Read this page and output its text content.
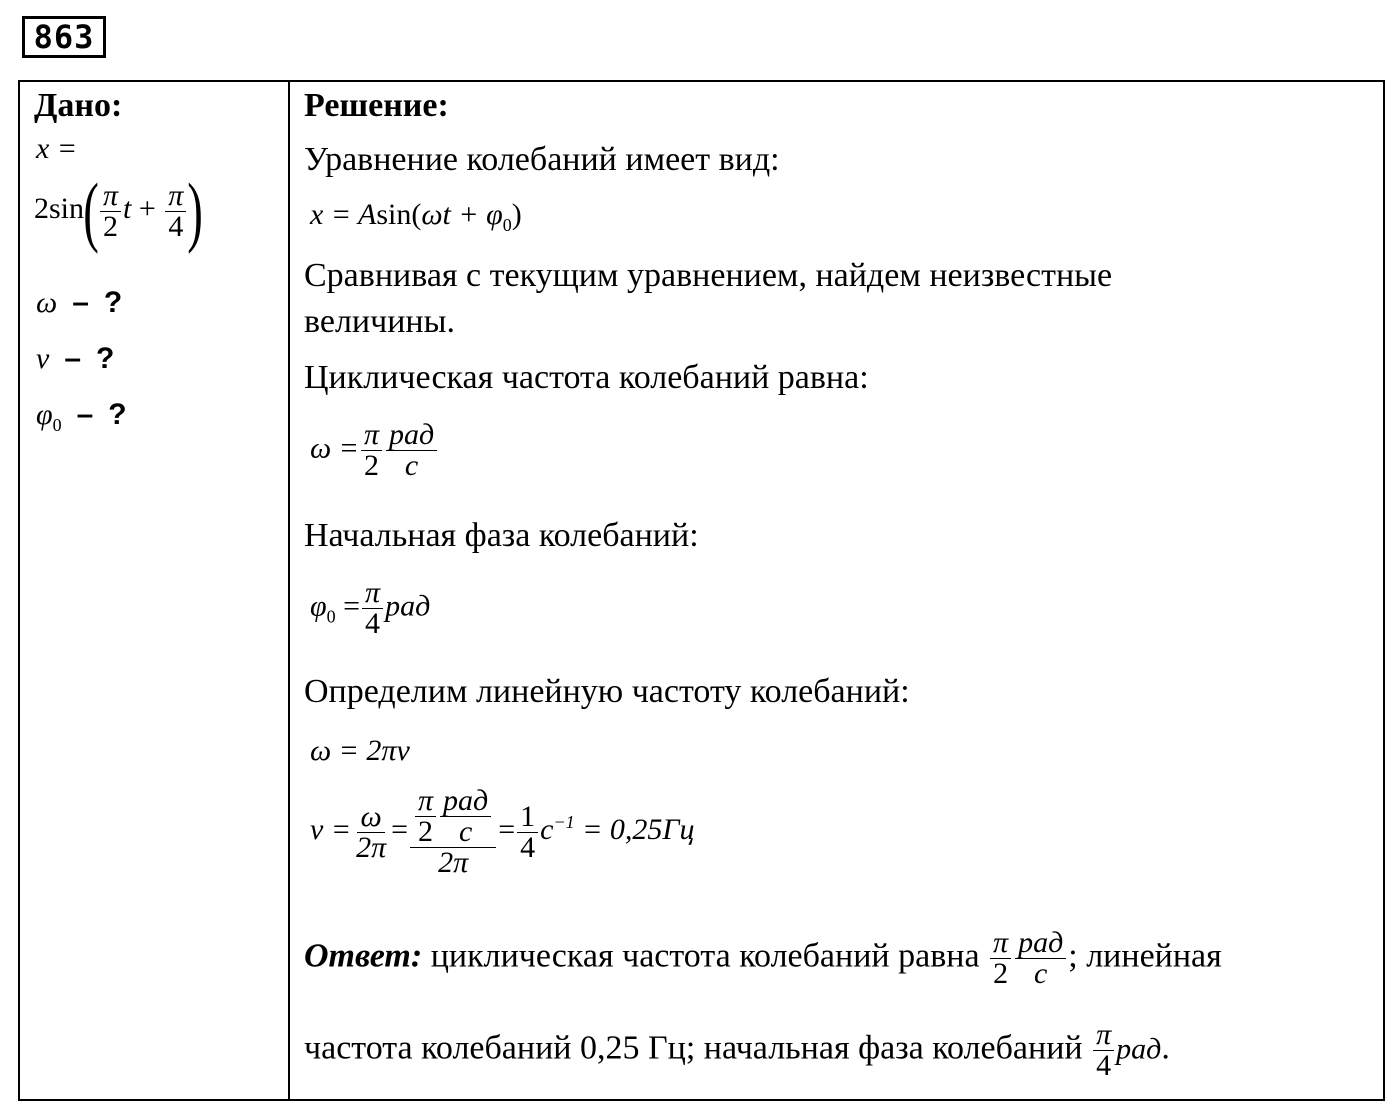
863
Дано:
x =
$2\sin( \frac{\pi}{2}$ $t + \frac{\pi}{4}$ )
ω – ?
ν – ?
$\varphi_0$ – ?
Решение:
Уравнение колебаний имеет вид:
$x = Asin(\omega t + \varphi_0)$
Сравнивая с текущим уравнением, найдем неизвестные
величины.
Циклическая частота колебаний равна:
$\omega = \frac{\pi}{2} \frac{\text{рад}}{с}$
Начальная фаза колебаний:
$\varphi_0 = \frac{\pi}{4}$ рад
Определим линейную частоту колебаний:
ω = 2πν
$\nu = \frac{\omega}{2\pi} = \frac{\frac{\pi}{2} \frac{\text{рад}}{с}}{2\pi} = \frac{1}{4} c^{-1} = 0,25Гц$
Ответ: циклическая частота колебаний равна $\frac{\pi}{2} \frac{\text{рад}}{с}$ ; линейная
частота колебаний 0,25 Гц; начальная фаза колебаний $\frac{\pi}{4}$ рад.
